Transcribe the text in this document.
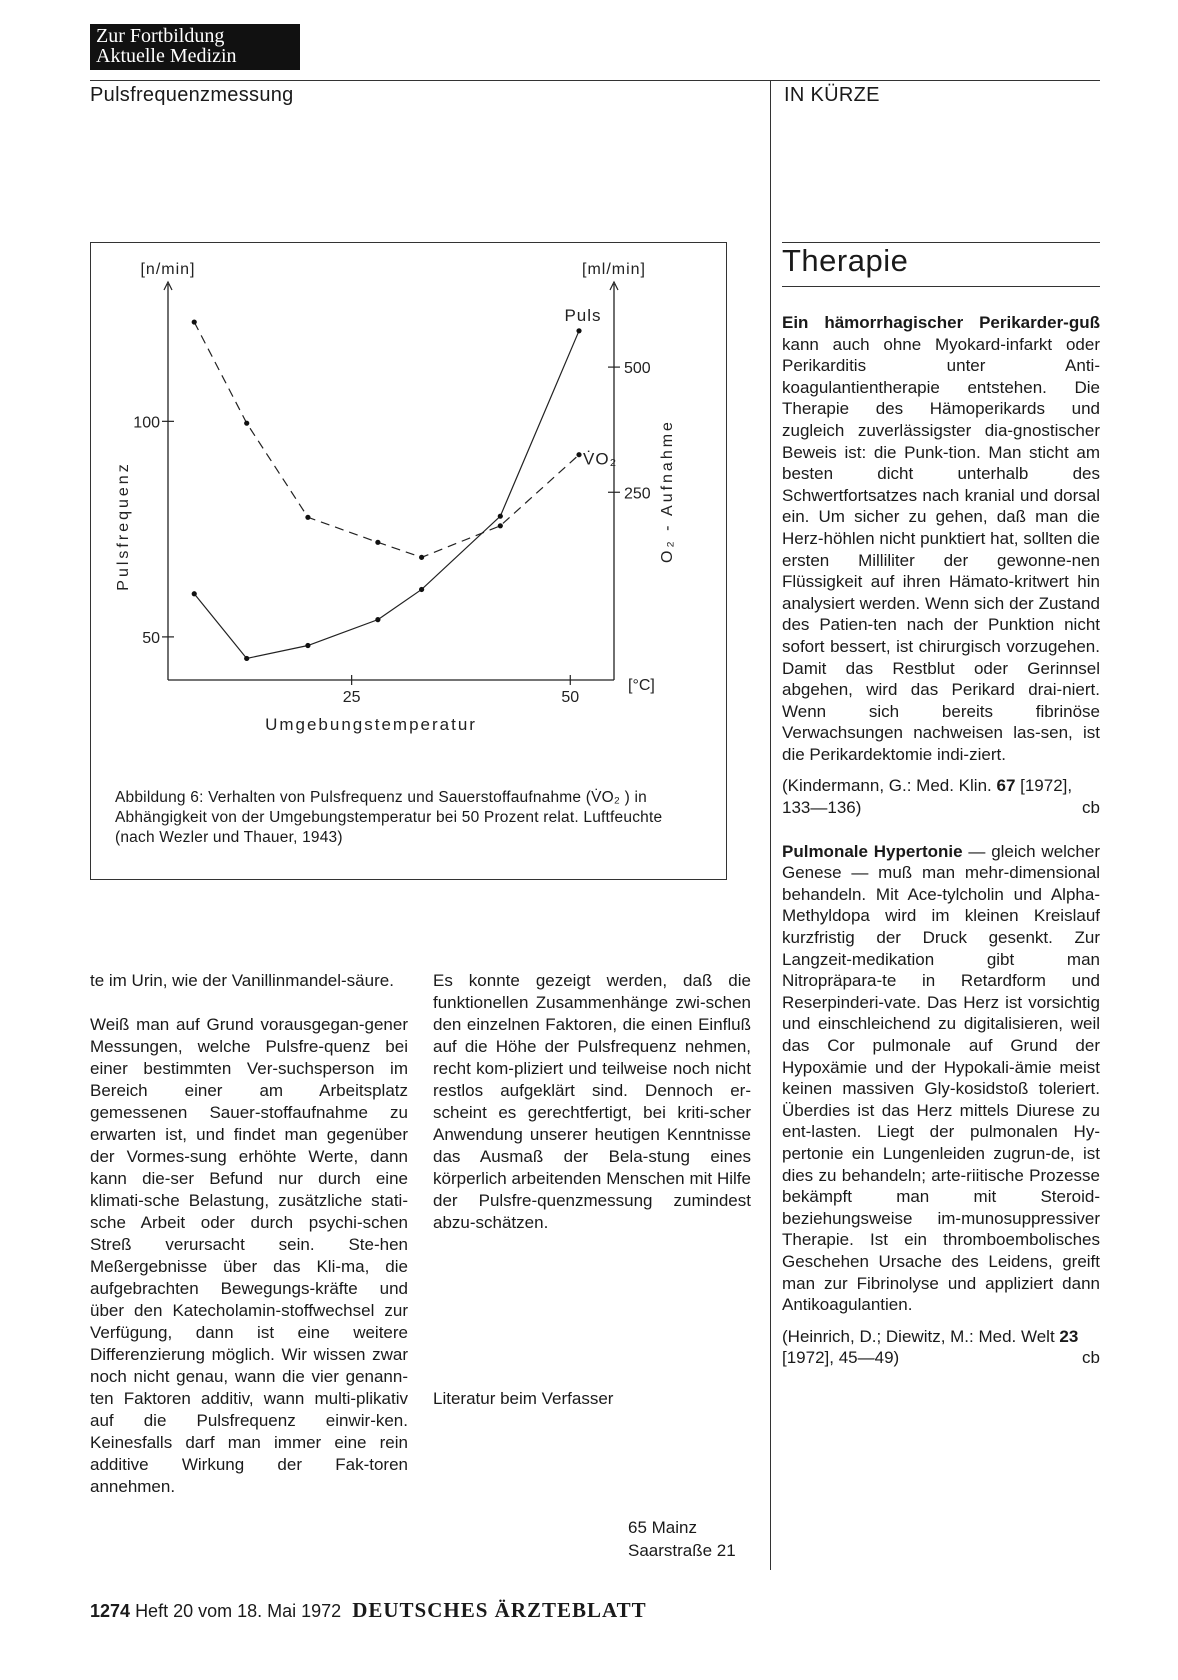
Zur Fortbildung
Aktuelle Medizin
Pulsfrequenzmessung	IN KÜRZE
50
100
250
500
25	50
[n/min]	[ml/min]
[°C]
Umgebungstemperatur
Pulsfrequenz	O₂ - Aufnahme
Puls
V̇O₂
Abbildung 6: Verhalten von Pulsfrequenz und Sauerstoffaufnahme (V̇O₂ ) in
Abhängigkeit von der Umgebungstemperatur bei 50 Prozent relat. Luftfeuchte
(nach Wezler und Thauer, 1943)

te im Urin, wie der Vanillinmandel-säure.

Weiß man auf Grund vorausgegan-gener Messungen, welche Pulsfre-quenz bei einer bestimmten Ver-suchsperson im Bereich einer am Arbeitsplatz gemessenen Sauer-stoffaufnahme zu erwarten ist, und findet man gegenüber der Vormes-sung erhöhte Werte, dann kann die-ser Befund nur durch eine klimati-sche Belastung, zusätzliche stati-sche Arbeit oder durch psychi-schen Streß verursacht sein. Ste-hen Meßergebnisse über das Kli-ma, die aufgebrachten Bewegungs-kräfte und über den Katecholamin-stoffwechsel zur Verfügung, dann ist eine weitere Differenzierung möglich. Wir wissen zwar noch nicht genau, wann die vier genann-ten Faktoren additiv, wann multi-plikativ auf die Pulsfrequenz einwir-ken. Keinesfalls darf man immer eine rein additive Wirkung der Fak-toren annehmen.

Es konnte gezeigt werden, daß die funktionellen Zusammenhänge zwi-schen den einzelnen Faktoren, die einen Einfluß auf die Höhe der Pulsfrequenz nehmen, recht kom-pliziert und teilweise noch nicht restlos aufgeklärt sind. Dennoch er-scheint es gerechtfertigt, bei kriti-scher Anwendung unserer heutigen Kenntnisse das Ausmaß der Bela-stung eines körperlich arbeitenden Menschen mit Hilfe der Pulsfre-quenzmessung zumindest abzu-schätzen.

Literatur beim Verfasser
65 Mainz
Saarstraße 21
Therapie

Ein hämorrhagischer Perikarder-guß kann auch ohne Myokard-infarkt oder Perikarditis unter Anti-koagulantientherapie entstehen. Die Therapie des Hämoperikards und zugleich zuverlässigster dia-gnostischer Beweis ist: die Punk-tion. Man sticht am besten dicht unterhalb des Schwertfortsatzes nach kranial und dorsal ein. Um sicher zu gehen, daß man die Herz-höhlen nicht punktiert hat, sollten die ersten Milliliter der gewonne-nen Flüssigkeit auf ihren Hämato-kritwert hin analysiert werden. Wenn sich der Zustand des Patien-ten nach der Punktion nicht sofort bessert, ist chirurgisch vorzugehen. Damit das Restblut oder Gerinnsel abgehen, wird das Perikard drai-niert. Wenn sich bereits fibrinöse Verwachsungen nachweisen las-sen, ist die Perikardektomie indi-ziert.

(Kindermann, G.: Med. Klin. 67 [1972], 133—136)	cb

Pulmonale Hypertonie — gleich welcher Genese — muß man mehr-dimensional behandeln. Mit Ace-tylcholin und Alpha-Methyldopa wird im kleinen Kreislauf kurzfristig der Druck gesenkt. Zur Langzeit-medikation gibt man Nitropräpara-te in Retardform und Reserpinderi-vate. Das Herz ist vorsichtig und einschleichend zu digitalisieren, weil das Cor pulmonale auf Grund der Hypoxämie und der Hypokali-ämie meist keinen massiven Gly-kosidstoß toleriert. Überdies ist das Herz mittels Diurese zu ent-lasten. Liegt der pulmonalen Hy-pertonie ein Lungenleiden zugrun-de, ist dies zu behandeln; arte-riitische Prozesse bekämpft man mit Steroid- beziehungsweise im-munosuppressiver Therapie. Ist ein thromboembolisches Geschehen Ursache des Leidens, greift man zur Fibrinolyse und appliziert dann Antikoagulantien.

(Heinrich, D.; Diewitz, M.: Med. Welt 23 [1972], 45—49)	cb

1274 Heft 20 vom 18. Mai 1972 DEUTSCHES ÄRZTEBLATT
